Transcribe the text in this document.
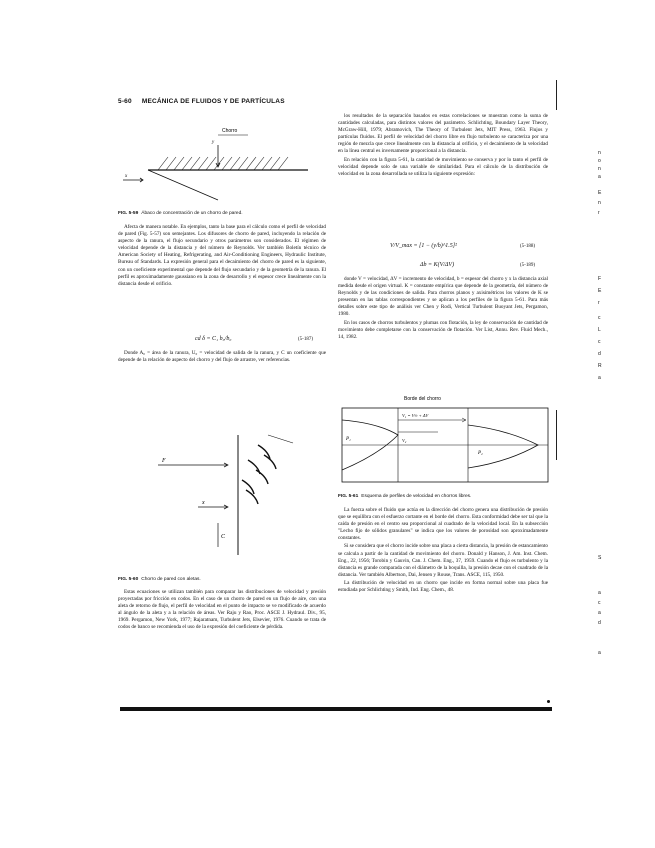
5-60 MECÁNICA DE FLUIDOS Y DE PARTÍCULAS
Chorro
x
y
FIG. 5-59 Ábaco de concentración de un chorro de pared.

Afecta de manera notable. En ejemplos, tanto la base para el cálculo como el perfil de velocidad de pared (Fig. 5-57) son semejantes. Los difusores de chorro de pared, incluyendo la relación de aspecto de la ranura, el flujo secundario y otros parámetros son considerados. El régimen de velocidad depende de la distancia y del número de Reynolds. Ver también Boletín técnico de American Society of Heating, Refrigerating, and Air-Conditioning Engineers, Hydraulic Institute, Bureau of Standards. La expresión general para el decaimiento del chorro de pared es la siguiente, con un coeficiente experimental que depende del flujo secundario y de la geometría de la ranura. El perfil es aproximadamente gaussiano en la zona de desarrollo y el espesor crece linealmente con la distancia desde el orificio.

cd δ = C₁ b₀/b₀	(5-187)

Donde A₀ = área de la ranura, U₀ = velocidad de salida de la ranura, y C un coeficiente que depende de la relación de aspecto del chorro y del flujo de arrastre, ver referencias.

F
x
C
FIG. 5-60 Chorro de pared con aletas.

Estas ecuaciones se utilizan también para comparar las distribuciones de velocidad y presión proyectadas por fricción en codos. En el caso de un chorro de pared en un flujo de aire, con una aleta de retorno de flujo, el perfil de velocidad en el punto de impacto se ve modificado de acuerdo al ángulo de la aleta y a la relación de áreas. Ver Raju y Rao, Proc. ASCE J. Hydraul. Div., 95, 1969. Pergamon, New York, 1977; Rajaratnam, Turbulent Jets, Elsevier, 1976. Cuando se trata de codos de banco se recomienda el uso de la expresión del coeficiente de pérdida.

los resultados de la separación basados en estas correlaciones se muestran como la suma de cantidades calculadas, para distintos valores del parámetro. Schlichting, Boundary Layer Theory, McGraw-Hill, 1979; Abramovich, The Theory of Turbulent Jets, MIT Press, 1963. Flujos y partículas fluidos. El perfil de velocidad del chorro libre en flujo turbulento se caracteriza por una región de mezcla que crece linealmente con la distancia al orificio, y el decaimiento de la velocidad en la línea central es inversamente proporcional a la distancia.

En relación con la figura 5-61, la cantidad de movimiento se conserva y por lo tanto el perfil de velocidad depende solo de una variable de similaridad. Para el cálculo de la distribución de velocidad en la zona desarrollada se utiliza la siguiente expresión:

V/V_max = [1 − (y/b)^1.5]²	(5-188)
Δb = K(V/ΔV)	(5-189)

donde V = velocidad, ΔV = incremento de velocidad, b = espesor del chorro y x la distancia axial medida desde el origen virtual. K = constante empírica que depende de la geometría, del número de Reynolds y de las condiciones de salida. Para chorros planos y axisimétricos los valores de K se presentan en las tablas correspondientes y se aplican a los perfiles de la figura 5-61. Para más detalles sobre este tipo de análisis ver Chen y Rodi, Vertical Turbulent Buoyant Jets, Pergamon, 1980.

En los casos de chorros turbulentos y plumas con flotación, la ley de conservación de cantidad de movimiento debe completarse con la conservación de flotación. Ver List, Annu. Rev. Fluid Mech., 14, 1982.

Borde del chorro
V₁ = V∞ + ΔV
V₂
P₁
P₂
FIG. 5-61 Esquema de perfiles de velocidad en chorros libres.

La fuerza sobre el fluido que actúa en la dirección del chorro genera una distribución de presión que se equilibra con el esfuerzo cortante en el borde del chorro. Esta conformidad debe ser tal que la caída de presión en el centro sea proporcional al cuadrado de la velocidad local. En la subsección "Lecho fijo de sólidos granulares" se indica que los valores de porosidad son aproximadamente constantes.

Si se considera que el chorro incide sobre una placa a cierta distancia, la presión de estancamiento se calcula a partir de la cantidad de movimiento del chorro. Donald y Hanson, J. Am. Inst. Chem. Eng., 22, 1956; Torobin y Gauvin, Can. J. Chem. Eng., 37, 1959. Cuando el flujo es turbulento y la distancia es grande comparada con el diámetro de la boquilla, la presión decae con el cuadrado de la distancia. Ver también Albertson, Dai, Jensen y Rouse, Trans. ASCE, 115, 1950.

La distribución de velocidad en un chorro que incide en forma normal sobre una placa fue estudiada por Schlichting y Smith, Ind. Eng. Chem., 48.

n
o
n
a
E
n
r
F
E
r
c
L
c
d
R
a
S
a
c
a
d
a
